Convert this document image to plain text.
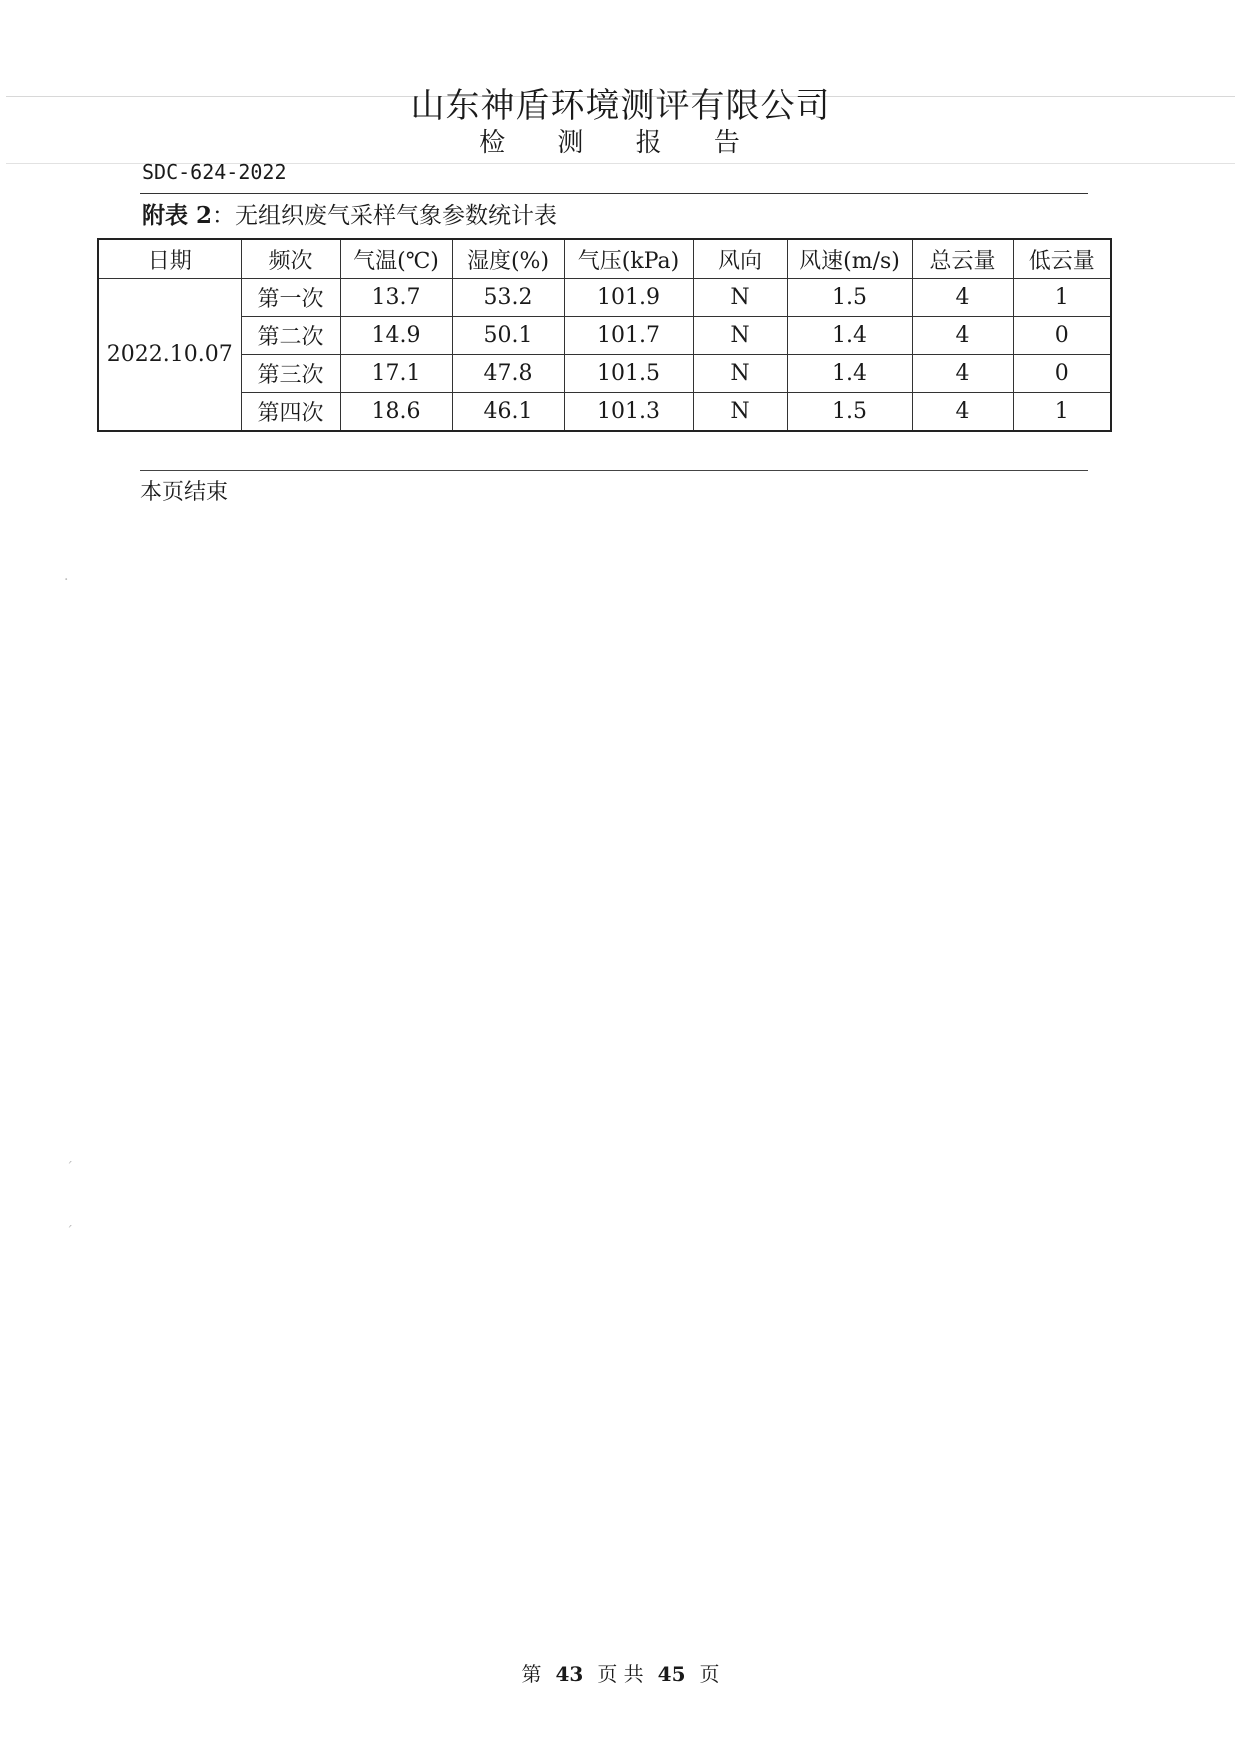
山东神盾环境测评有限公司
检 测 报 告
SDC-624-2022
附表 2：无组织废气采样气象参数统计表
日期	频次	气温(℃)	湿度(%)	气压(kPa)	风向	风速(m/s)	总云量	低云量
2022.10.07	第一次	13.7	53.2	101.9	N	1.5	4	1
	第二次	14.9	50.1	101.7	N	1.4	4	0
	第三次	17.1	47.8	101.5	N	1.4	4	0
	第四次	18.6	46.1	101.3	N	1.5	4	1
本页结束
·
ˊ
ˊ
第 43 页 共 45 页
